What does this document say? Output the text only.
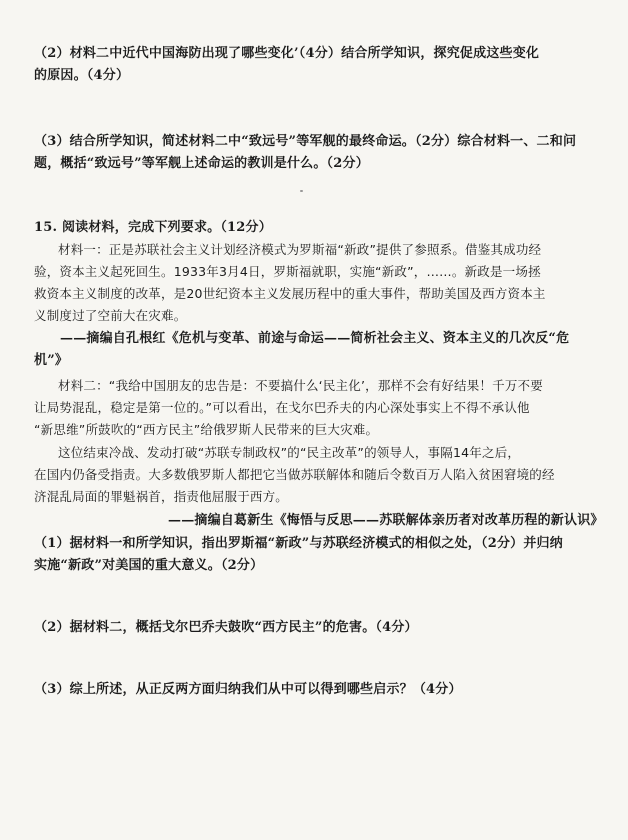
（2）材料二中近代中国海防出现了哪些变化’（4分）结合所学知识，探究促成这些变化
的原因。（4分）
（3）结合所学知识，简述材料二中“致远号”等军舰的最终命运。（2分）综合材料一、二和问
题，概括“致远号”等军舰上述命运的教训是什么。（2分）
15. 阅读材料，完成下列要求。（12分）
材料一：正是苏联社会主义计划经济模式为罗斯福“新政”提供了参照系。借鉴其成功经
验，资本主义起死回生。1933年3月4日，罗斯福就职，实施“新政”，……。新政是一场拯
救资本主义制度的改革，是20世纪资本主义发展历程中的重大事件，帮助美国及西方资本主
义制度过了空前大在灾难。
——摘编自孔根红《危机与变革、前途与命运——简析社会主义、资本主义的几次反“危
机”》
材料二：“我给中国朋友的忠告是：不要搞什么‘民主化’，那样不会有好结果！千万不要
让局势混乱，稳定是第一位的。”可以看出，在戈尔巴乔夫的内心深处事实上不得不承认他
“新思维”所鼓吹的“西方民主”给俄罗斯人民带来的巨大灾难。
这位结束冷战、发动打破“苏联专制政权”的“民主改革”的领导人，事隔14年之后，
在国内仍备受指责。大多数俄罗斯人都把它当做苏联解体和随后令数百万人陷入贫困窘境的经
济混乱局面的罪魁祸首，指责他屈服于西方。
——摘编自葛新生《悔悟与反思——苏联解体亲历者对改革历程的新认识》
（1）据材料一和所学知识，指出罗斯福“新政”与苏联经济模式的相似之处，（2分）并归纳
实施“新政”对美国的重大意义。（2分）
（2）据材料二，概括戈尔巴乔夫鼓吹“西方民主”的危害。（4分）
（3）综上所述，从正反两方面归纳我们从中可以得到哪些启示？（4分）
